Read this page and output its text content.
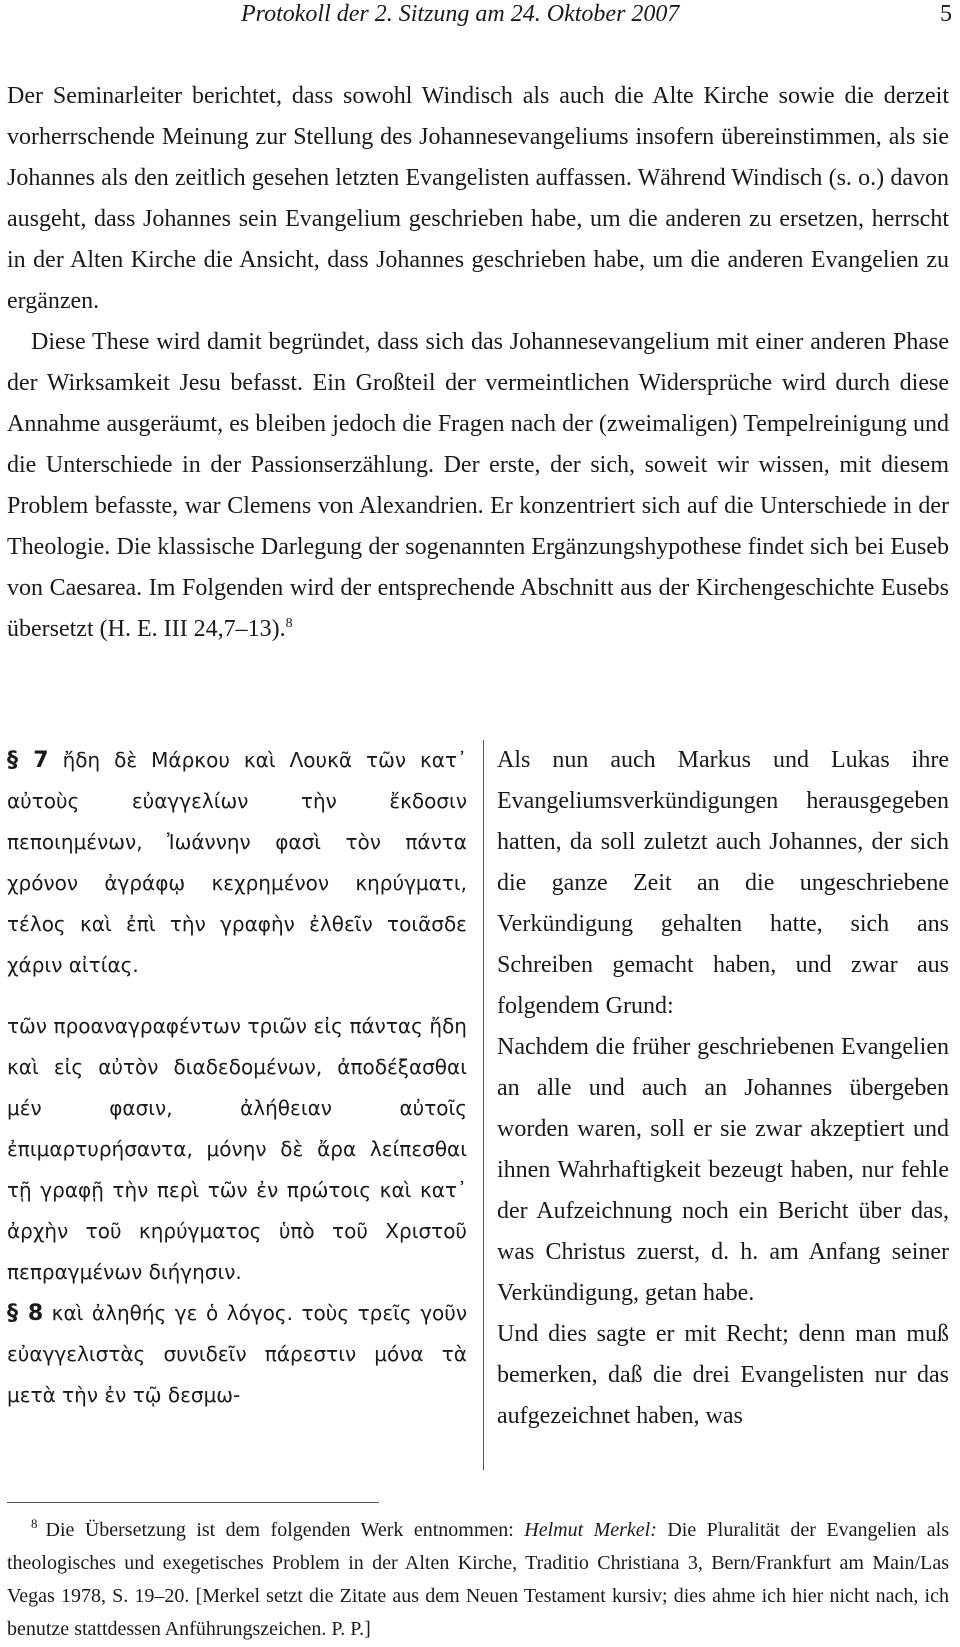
Protokoll der 2. Sitzung am 24. Oktober 2007	5

Der Seminarleiter berichtet, dass sowohl Windisch als auch die Alte Kirche sowie die derzeit vorherrschende Meinung zur Stellung des Johannesevangeliums insofern übereinstimmen, als sie Johannes als den zeitlich gesehen letzten Evangelisten auffassen. Während Windisch (s. o.) davon ausgeht, dass Johannes sein Evangelium geschrieben habe, um die anderen zu ersetzen, herrscht in der Alten Kirche die Ansicht, dass Johannes geschrieben habe, um die anderen Evangelien zu ergänzen.

Diese These wird damit begründet, dass sich das Johannesevangelium mit einer anderen Phase der Wirksamkeit Jesu befasst. Ein Großteil der vermeintlichen Widersprüche wird durch diese Annahme ausgeräumt, es bleiben jedoch die Fragen nach der (zweimaligen) Tempelreinigung und die Unterschiede in der Passionserzählung. Der erste, der sich, soweit wir wissen, mit diesem Problem befasste, war Clemens von Alexandrien. Er konzentriert sich auf die Unterschiede in der Theologie. Die klassische Darlegung der sogenannten Ergänzungshypothese findet sich bei Euseb von Caesarea. Im Folgenden wird der entsprechende Abschnitt aus der Kirchengeschichte Eusebs übersetzt (H. E. III 24,7–13).$^8$

§ 7 ἤδη δὲ Μάρκου καὶ Λουκᾶ τῶν κατ᾽ αὐτοὺς εὐαγγελίων τὴν ἔκδοσιν πεποιημένων, Ἰωάννην φασὶ τὸν πάντα χρόνον ἀγράφῳ κεχρημένον κηρύγματι, τέλος καὶ ἐπὶ τὴν γραφὴν ἐλθεῖν τοιᾶσδε χάριν αἰτίας.

τῶν προαναγραφέντων τριῶν εἰς πάντας ἤδη καὶ εἰς αὐτὸν διαδεδομένων, ἀποδέξασθαι μέν φασιν, ἀλήθειαν αὐτοῖς ἐπιμαρτυρήσαντα, μόνην δὲ ἄρα λείπεσθαι τῇ γραφῇ τὴν περὶ τῶν ἐν πρώτοις καὶ κατ᾽ ἀρχὴν τοῦ κηρύγματος ὑπὸ τοῦ Χριστοῦ πεπραγμένων διήγησιν.

§ 8 καὶ ἀληθής γε ὁ λόγος. τοὺς τρεῖς γοῦν εὐαγγελιστὰς συνιδεῖν πάρεστιν μόνα τὰ μετὰ τὴν ἐν τῷ δεσμω-

Als nun auch Markus und Lukas ihre Evangeliumsverkündigungen herausgegeben hatten, da soll zuletzt auch Johannes, der sich die ganze Zeit an die ungeschriebene Verkündigung gehalten hatte, sich ans Schreiben gemacht haben, und zwar aus folgendem Grund:

Nachdem die früher geschriebenen Evangelien an alle und auch an Johannes übergeben worden waren, soll er sie zwar akzeptiert und ihnen Wahrhaftigkeit bezeugt haben, nur fehle der Aufzeichnung noch ein Bericht über das, was Christus zuerst, d. h. am Anfang seiner Verkündigung, getan habe.

Und dies sagte er mit Recht; denn man muß bemerken, daß die drei Evangelisten nur das aufgezeichnet haben, was

$^8$ Die Übersetzung ist dem folgenden Werk entnommen: Helmut Merkel: Die Pluralität der Evangelien als theologisches und exegetisches Problem in der Alten Kirche, Traditio Christiana 3, Bern/Frankfurt am Main/Las Vegas 1978, S. 19–20. [Merkel setzt die Zitate aus dem Neuen Testament kursiv; dies ahme ich hier nicht nach, ich benutze stattdessen Anführungszeichen. P. P.]
